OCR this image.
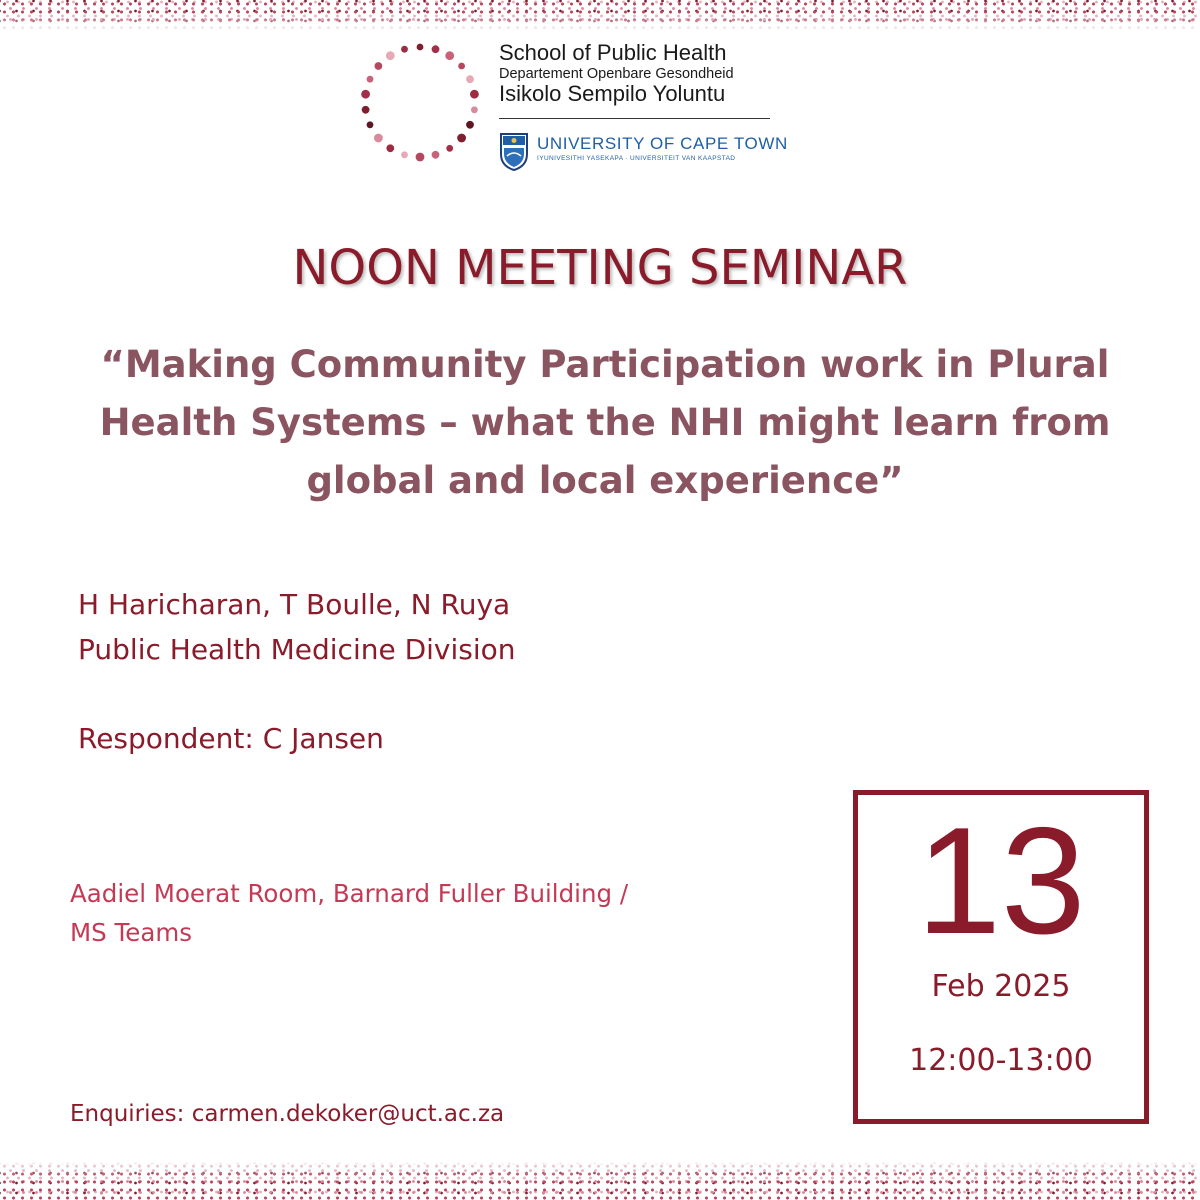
School of Public Health
Departement Openbare Gesondheid
Isikolo Sempilo Yoluntu
UNIVERSITY OF CAPE TOWN
IYUNIVESITHI YASEKAPA · UNIVERSITEIT VAN KAAPSTAD
NOON MEETING SEMINAR
“Making Community Participation work in Plural
Health Systems – what the NHI might learn from
global and local experience”
H Haricharan, T Boulle, N Ruya
Public Health Medicine Division
Respondent: C Jansen
Aadiel Moerat Room, Barnard Fuller Building /
MS Teams
Enquiries: carmen.dekoker@uct.ac.za
13
Feb 2025
12:00-13:00
